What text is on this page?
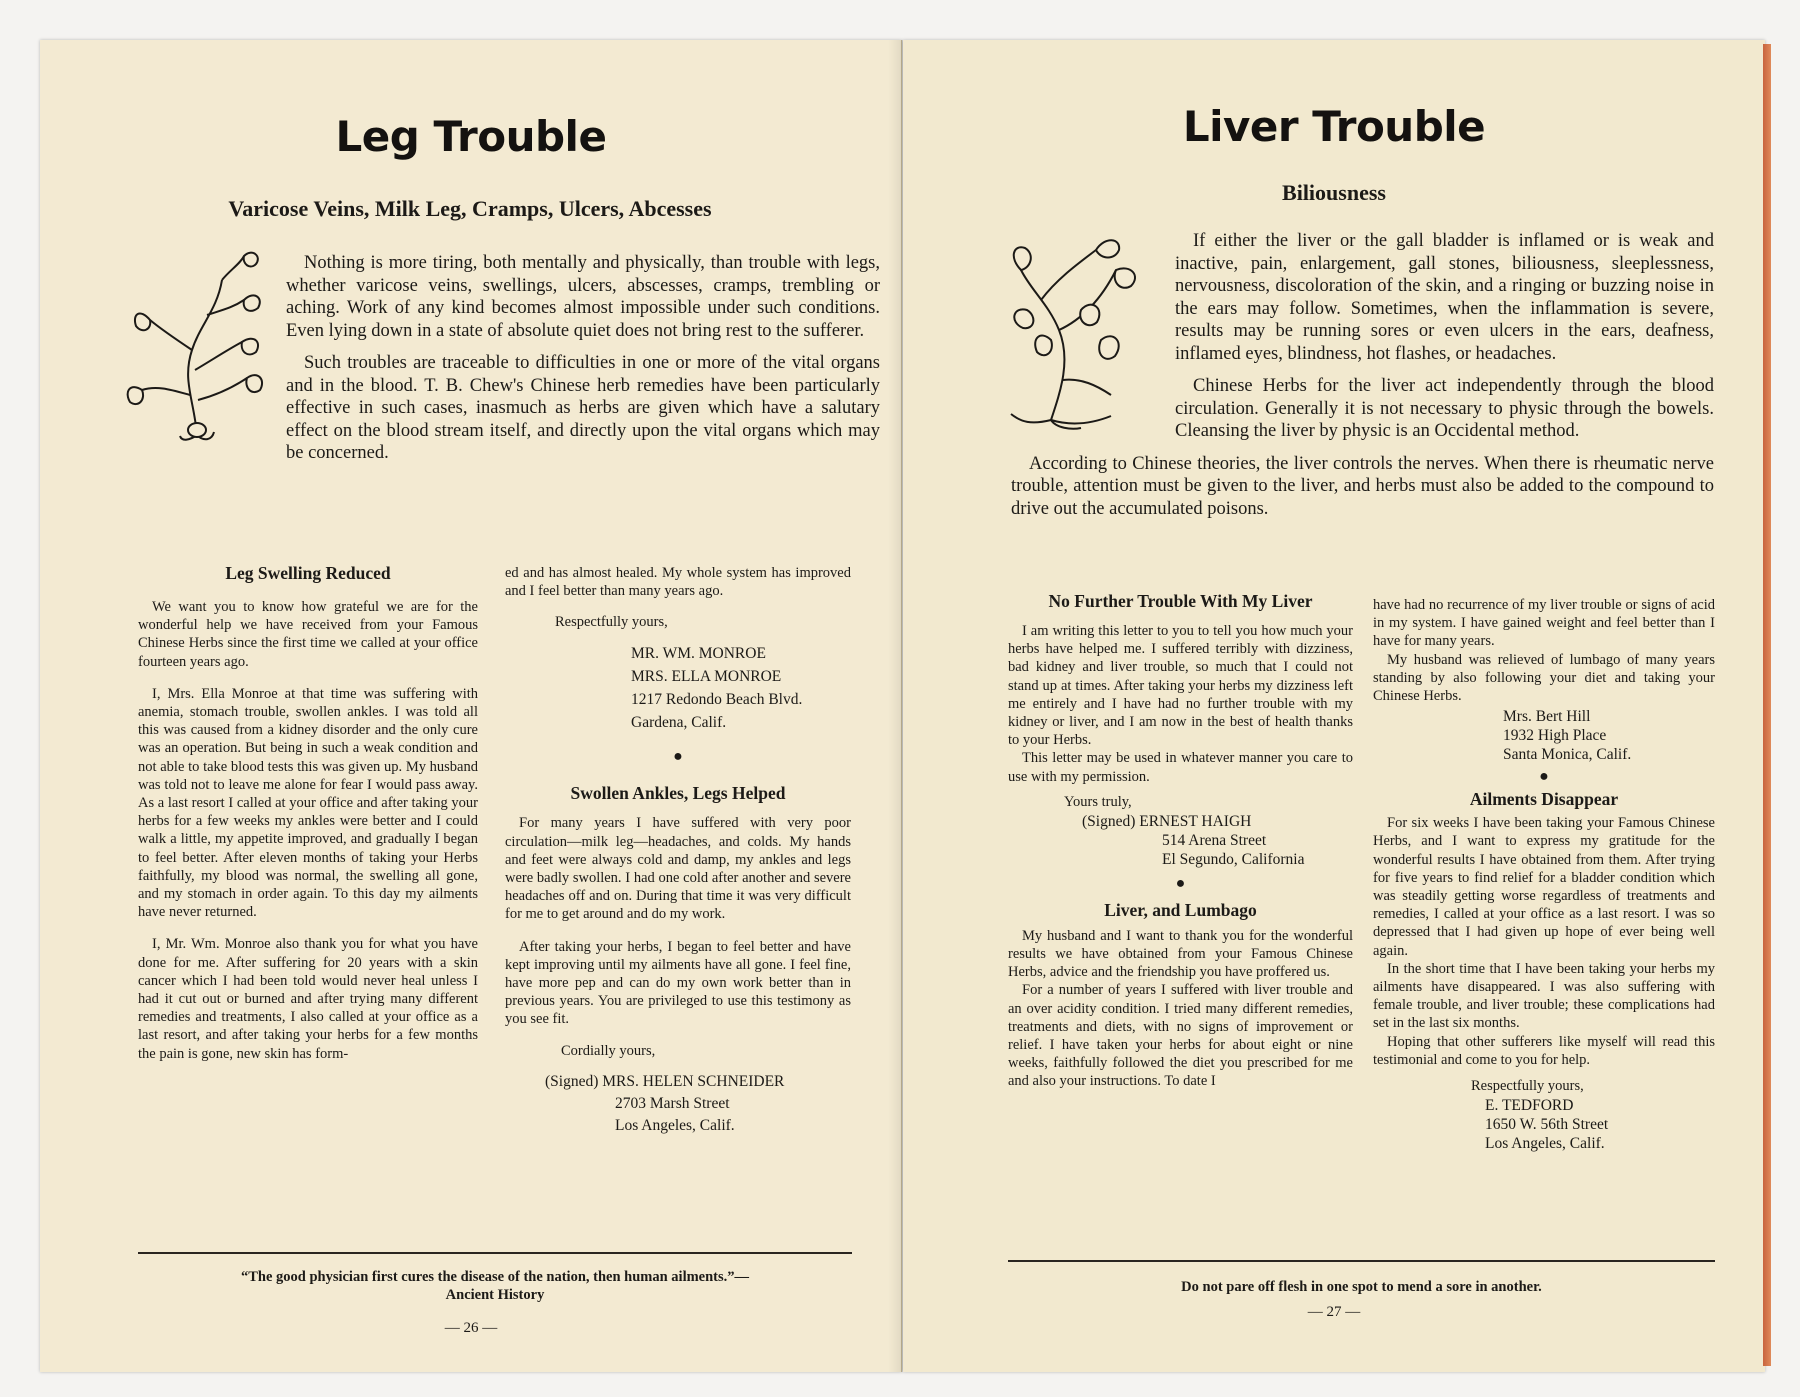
Leg Trouble
Varicose Veins, Milk Leg, Cramps, Ulcers, Abcesses

Nothing is more tiring, both mentally and physically, than trouble with legs, whether varicose veins, swellings, ulcers, abscesses, cramps, trembling or aching. Work of any kind becomes almost impossible under such conditions. Even lying down in a state of absolute quiet does not bring rest to the sufferer.

Such troubles are traceable to difficulties in one or more of the vital organs and in the blood. T. B. Chew's Chinese herb remedies have been particularly effective in such cases, inasmuch as herbs are given which have a salutary effect on the blood stream itself, and directly upon the vital organs which may be concerned.

Leg Swelling Reduced

We want you to know how grateful we are for the wonderful help we have received from your Famous Chinese Herbs since the first time we called at your office fourteen years ago.

I, Mrs. Ella Monroe at that time was suffering with anemia, stomach trouble, swollen ankles. I was told all this was caused from a kidney disorder and the only cure was an operation. But being in such a weak condition and not able to take blood tests this was given up. My husband was told not to leave me alone for fear I would pass away. As a last resort I called at your office and after taking your herbs for a few weeks my ankles were better and I could walk a little, my appetite improved, and gradually I began to feel better. After eleven months of taking your Herbs faithfully, my blood was normal, the swelling all gone, and my stomach in order again. To this day my ailments have never returned.

I, Mr. Wm. Monroe also thank you for what you have done for me. After suffering for 20 years with a skin cancer which I had been told would never heal unless I had it cut out or burned and after trying many different remedies and treatments, I also called at your office as a last resort, and after taking your herbs for a few months the pain is gone, new skin has form-

ed and has almost healed. My whole system has improved and I feel better than many years ago.

Respectfully yours,
MR. WM. MONROE
MRS. ELLA MONROE
1217 Redondo Beach Blvd.
Gardena, Calif.
●
Swollen Ankles, Legs Helped

For many years I have suffered with very poor circulation—milk leg—headaches, and colds. My hands and feet were always cold and damp, my ankles and legs were badly swollen. I had one cold after another and severe headaches off and on. During that time it was very difficult for me to get around and do my work.

After taking your herbs, I began to feel better and have kept improving until my ailments have all gone. I feel fine, have more pep and can do my own work better than in previous years. You are privileged to use this testimony as you see fit.

Cordially yours,
(Signed) MRS. HELEN SCHNEIDER
2703 Marsh Street
Los Angeles, Calif.
“The good physician first cures the disease of the nation, then human ailments.”—
Ancient History
— 26 —
Liver Trouble
Biliousness

If either the liver or the gall bladder is inflamed or is weak and inactive, pain, enlargement, gall stones, biliousness, sleeplessness, nervousness, discoloration of the skin, and a ringing or buzzing noise in the ears may follow. Sometimes, when the inflammation is severe, results may be running sores or even ulcers in the ears, deafness, inflamed eyes, blindness, hot flashes, or headaches.

Chinese Herbs for the liver act independently through the blood circulation. Generally it is not necessary to physic through the bowels. Cleansing the liver by physic is an Occidental method.

According to Chinese theories, the liver controls the nerves. When there is rheumatic nerve trouble, attention must be given to the liver, and herbs must also be added to the compound to drive out the accumulated poisons.

No Further Trouble With My Liver

I am writing this letter to you to tell you how much your herbs have helped me. I suffered terribly with dizziness, bad kidney and liver trouble, so much that I could not stand up at times. After taking your herbs my dizziness left me entirely and I have had no further trouble with my kidney or liver, and I am now in the best of health thanks to your Herbs.

This letter may be used in whatever manner you care to use with my permission.

Yours truly,
(Signed) ERNEST HAIGH
514 Arena Street
El Segundo, California
●
Liver, and Lumbago

My husband and I want to thank you for the wonderful results we have obtained from your Famous Chinese Herbs, advice and the friendship you have proffered us.

For a number of years I suffered with liver trouble and an over acidity condition. I tried many different remedies, treatments and diets, with no signs of improvement or relief. I have taken your herbs for about eight or nine weeks, faithfully followed the diet you prescribed for me and also your instructions. To date I

have had no recurrence of my liver trouble or signs of acid in my system. I have gained weight and feel better than I have for many years.

My husband was relieved of lumbago of many years standing by also following your diet and taking your Chinese Herbs.

Mrs. Bert Hill
1932 High Place
Santa Monica, Calif.
●
Ailments Disappear

For six weeks I have been taking your Famous Chinese Herbs, and I want to express my gratitude for the wonderful results I have obtained from them. After trying for five years to find relief for a bladder condition which was steadily getting worse regardless of treatments and remedies, I called at your office as a last resort. I was so depressed that I had given up hope of ever being well again.

In the short time that I have been taking your herbs my ailments have disappeared. I was also suffering with female trouble, and liver trouble; these complications had set in the last six months.

Hoping that other sufferers like myself will read this testimonial and come to you for help.

Respectfully yours,
E. TEDFORD
1650 W. 56th Street
Los Angeles, Calif.
Do not pare off flesh in one spot to mend a sore in another.
— 27 —
